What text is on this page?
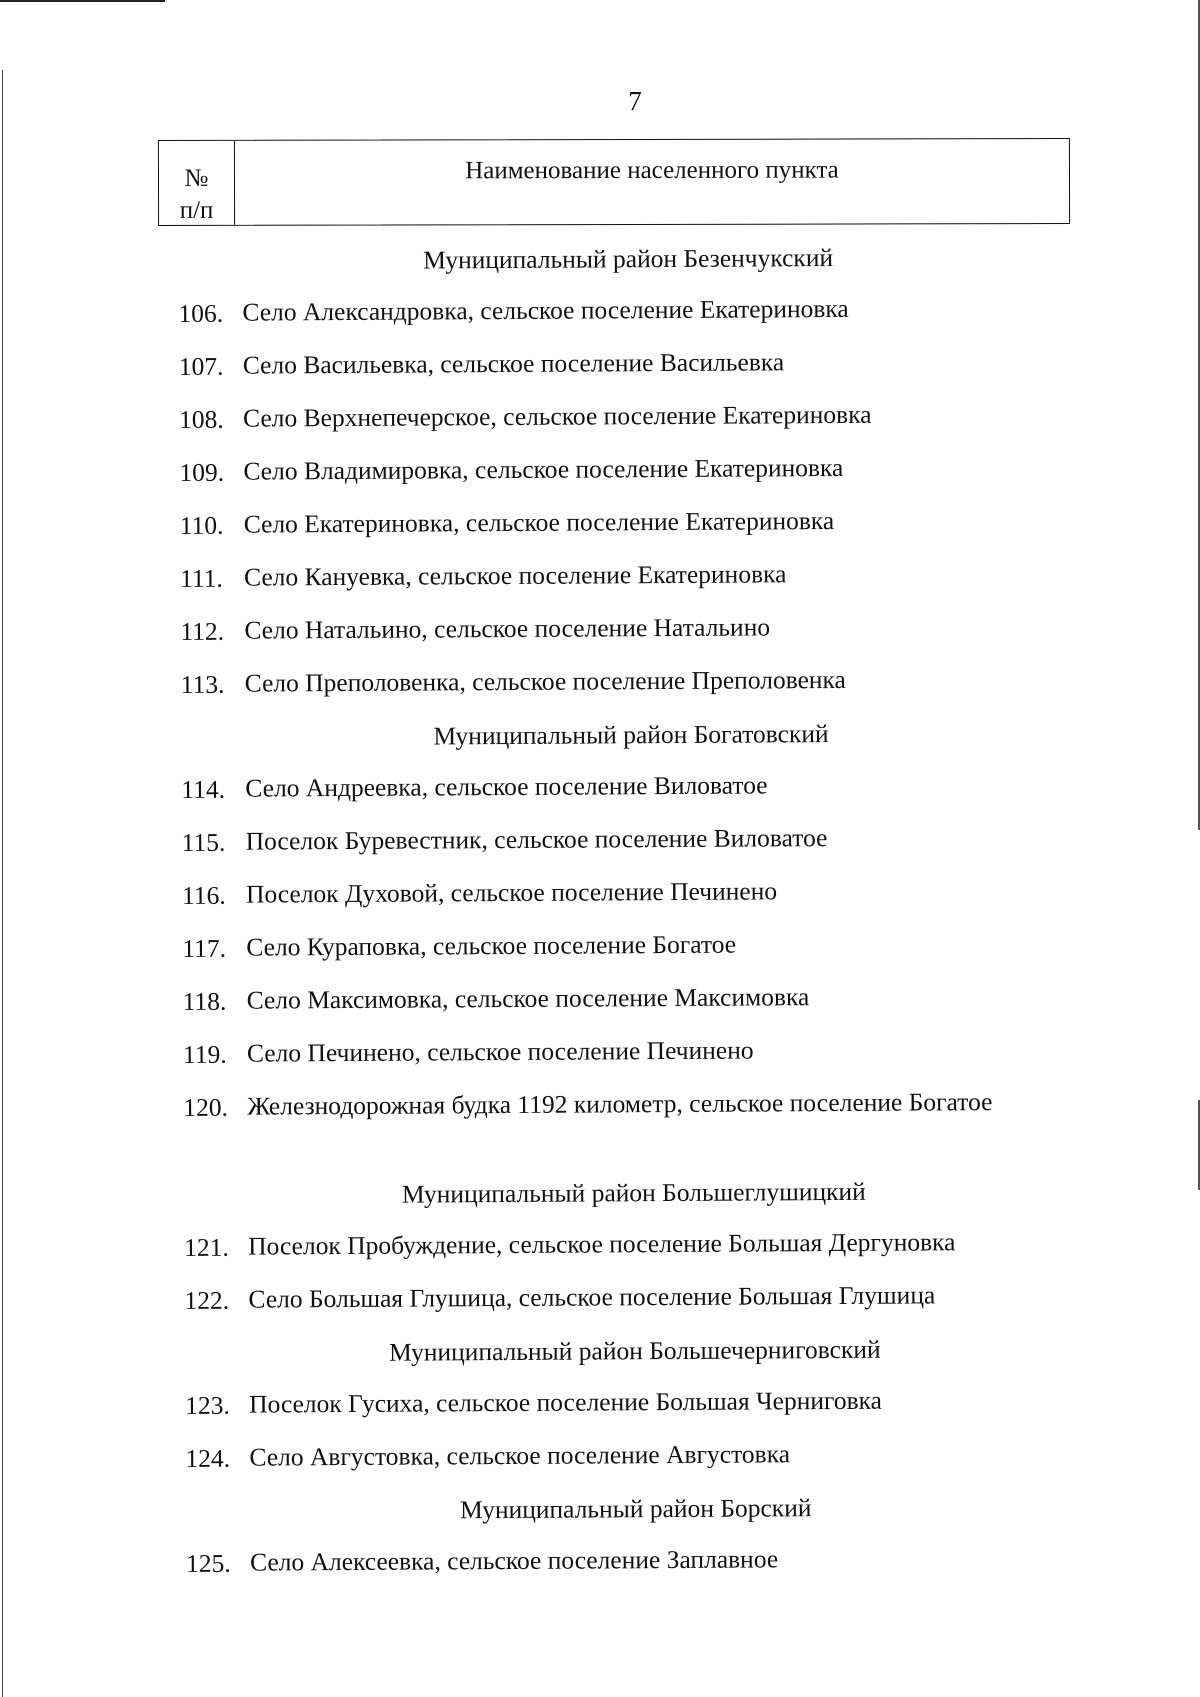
7
№
п/п
Наименование населенного пункта
Муниципальный район Безенчукский
106. Село Александровка, сельское поселение Екатериновка
107. Село Васильевка, сельское поселение Васильевка
108. Село Верхнепечерское, сельское поселение Екатериновка
109. Село Владимировка, сельское поселение Екатериновка
110. Село Екатериновка, сельское поселение Екатериновка
111. Село Кануевка, сельское поселение Екатериновка
112. Село Натальино, сельское поселение Натальино
113. Село Преполовенка, сельское поселение Преполовенка
Муниципальный район Богатовский
114. Село Андреевка, сельское поселение Виловатое
115. Поселок Буревестник, сельское поселение Виловатое
116. Поселок Духовой, сельское поселение Печинено
117. Село Кураповка, сельское поселение Богатое
118. Село Максимовка, сельское поселение Максимовка
119. Село Печинено, сельское поселение Печинено
120. Железнодорожная будка 1192 километр, сельское поселение Богатое
Муниципальный район Большеглушицкий
121. Поселок Пробуждение, сельское поселение Большая Дергуновка
122. Село Большая Глушица, сельское поселение Большая Глушица
Муниципальный район Большечерниговский
123. Поселок Гусиха, сельское поселение Большая Черниговка
124. Село Августовка, сельское поселение Августовка
Муниципальный район Борский
125. Село Алексеевка, сельское поселение Заплавное
